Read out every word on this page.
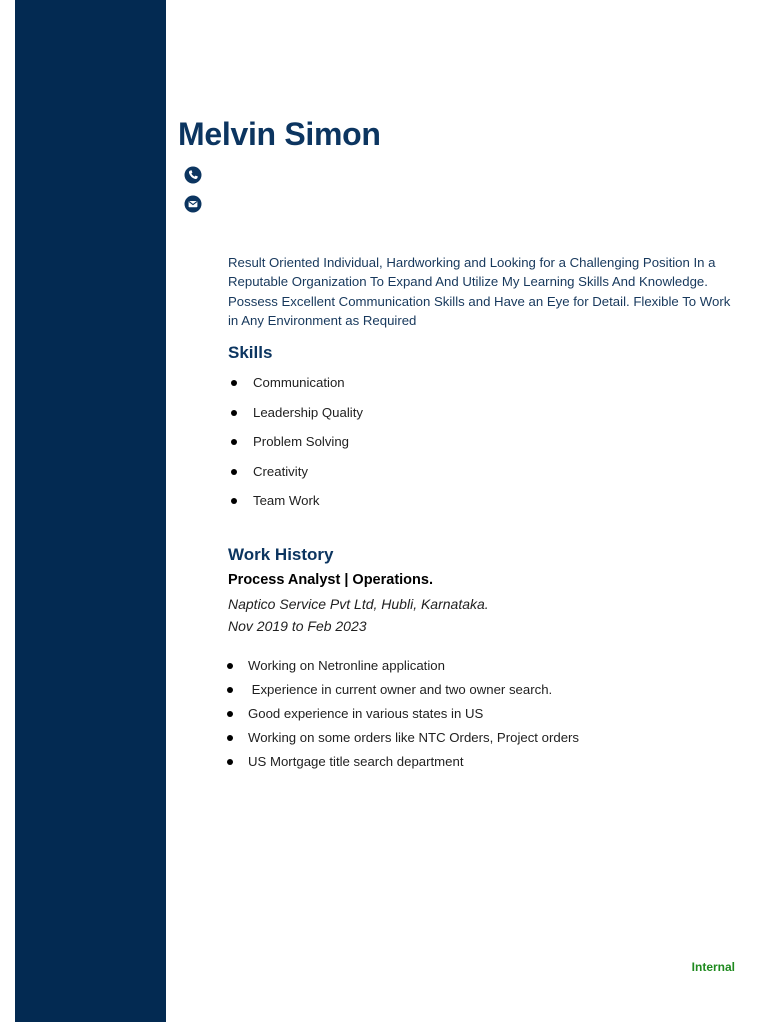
Melvin Simon

Result Oriented Individual, Hardworking and Looking for a Challenging Position In a Reputable Organization To Expand And Utilize My Learning Skills And Knowledge. Possess Excellent Communication Skills and Have an Eye for Detail. Flexible To Work in Any Environment as Required

Skills
Communication
Leadership Quality
Problem Solving
Creativity
Team Work
Work History
Process Analyst | Operations.

Naptico Service Pvt Ltd, Hubli, Karnataka.

Nov 2019 to Feb 2023

Working on Netronline application
Experience in current owner and two owner search.
Good experience in various states in US
Working on some orders like NTC Orders, Project orders
US Mortgage title search department
Internal
